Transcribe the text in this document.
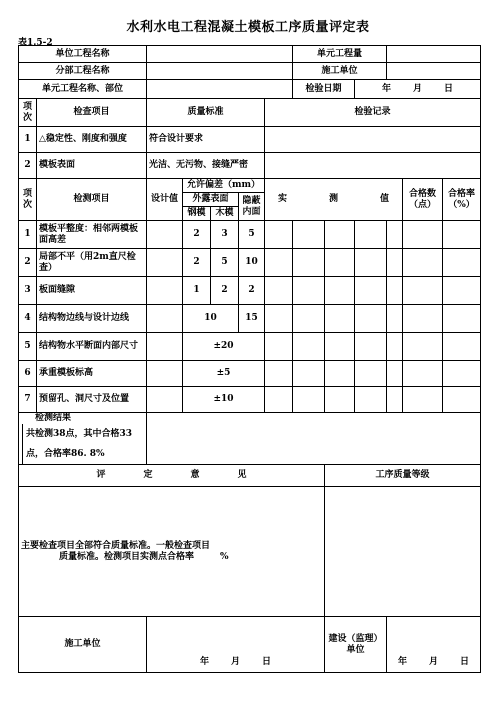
水利水电工程混凝土模板工序质量评定表
表1.5-2
单位工程名称							单元工程量					
分部工程名称							施工单位					
单元工程名称、部位							检验日期		年 月 日			

项次	检查项目	质量标准				检验记录						
1	△稳定性、刚度和强度	符合设计要求										
2	模板表面	光洁、无污物、接缝严密										
项次	检测项目	设计值	允许偏差（mm）			实 测 值					合格数（点）	合格率（%）
			外露表面		隐蔽内面							
			钢模	木模								
1	模板平整度：相邻两模板面高差		2	3	5							
2	局部不平（用2m直尺检查）		2	5	10							
3	板面缝隙		1	2	2							
4	结构物边线与设计边线		10		15							
5	结构物水平断面内部尺寸		±20									
6	承重模板标高		±5									
7	预留孔、洞尺寸及位置		±10									
检测结果共检测38点，其中合格33点，合格率86. 8%												

评 定 意 见								工序质量等级				

主要检查项目全部符合质量标准。一般检查项目
质量标准。检测项目实测点合格率 %												

施工单位		年 月 日						建设（监理）单位		年 月 日		
